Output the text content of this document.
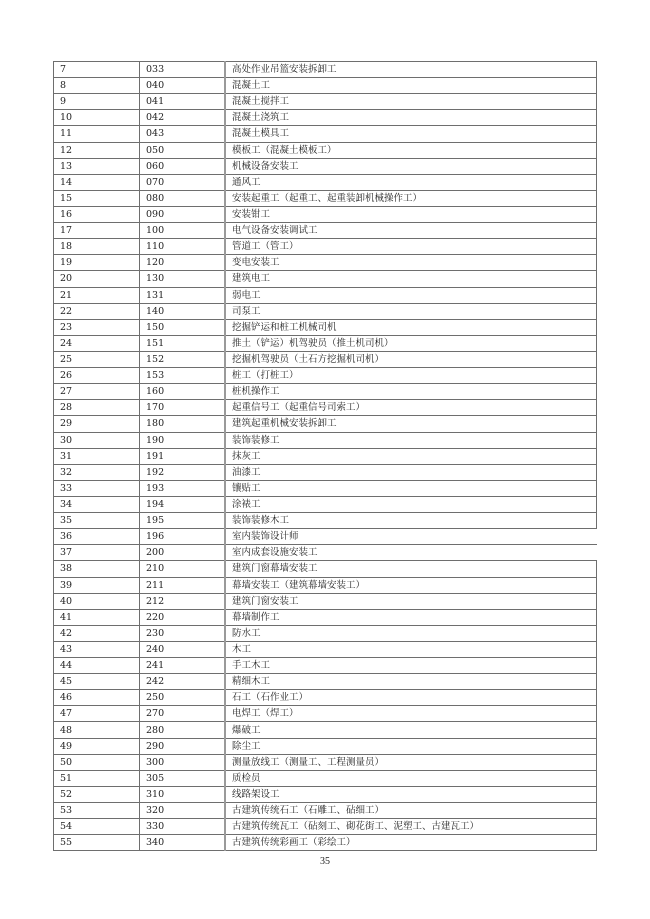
7	033	高处作业吊篮安装拆卸工
8	040	混凝土工
9	041	混凝土搅拌工
10	042	混凝土浇筑工
11	043	混凝土模具工
12	050	模板工（混凝土模板工）
13	060	机械设备安装工
14	070	通风工
15	080	安装起重工（起重工、起重装卸机械操作工）
16	090	安装钳工
17	100	电气设备安装调试工
18	110	管道工（管工）
19	120	变电安装工
20	130	建筑电工
21	131	弱电工
22	140	司泵工
23	150	挖掘铲运和桩工机械司机
24	151	推土（铲运）机驾驶员（推土机司机）
25	152	挖掘机驾驶员（土石方挖掘机司机）
26	153	桩工（打桩工）
27	160	桩机操作工
28	170	起重信号工（起重信号司索工）
29	180	建筑起重机械安装拆卸工
30	190	装饰装修工
31	191	抹灰工
32	192	油漆工
33	193	镶贴工
34	194	涂裱工
35	195	装饰装修木工
36	196	室内装饰设计师
37	200	室内成套设施安装工
38	210	建筑门窗幕墙安装工
39	211	幕墙安装工（建筑幕墙安装工）
40	212	建筑门窗安装工
41	220	幕墙制作工
42	230	防水工
43	240	木工
44	241	手工木工
45	242	精细木工
46	250	石工（石作业工）
47	270	电焊工（焊工）
48	280	爆破工
49	290	除尘工
50	300	测量放线工（测量工、工程测量员）
51	305	质检员
52	310	线路架设工
53	320	古建筑传统石工（石雕工、砧细工）
54	330	古建筑传统瓦工（砧刻工、砌花街工、泥塑工、古建瓦工）
55	340	古建筑传统彩画工（彩绘工）
35
